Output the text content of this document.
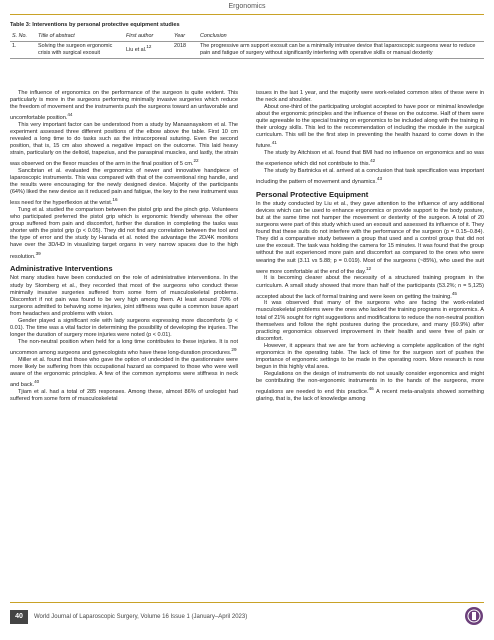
Ergonomics
Table 3: Interventions by personal protective equipment studies
S. No.	Title of abstract	First author	Year	Conclusion
1.	Solving the surgeon ergonomic crisis with surgical exosuit	Liu et al.$^{12}$	2018	The progressive arm support exosuit can be a minimally intrusive device that laparoscopic surgeons wear to reduce pain and fatigue of surgery without significantly interfering with operative skills or manual dexterity

The influence of ergonomics on the performance of the surgeon is quite evident. This particularly is more in the surgeons performing minimally invasive surgeries which reduce the freedom of movement and the instruments push the surgeons toward an unfavorable and uncomfortable position.$^{44}$

This very important factor can be understood from a study by Manasnayakorn et al. The experiment assessed three different positions of the elbow above the table. First 10 cm revealed a long time to do tasks such as the intracorporeal suturing. Even the second position, that is, 15 cm also showed a negative impact on the outcome. This laid heavy strain, particularly on the deltoid, trapezius, and the paraspinal muscles, and lastly, the strain was observed on the flexor muscles of the arm in the final position of 5 cm.$^{22}$

Sancibrian et al. evaluated the ergonomics of newer and innovative handpiece of laparoscopic instruments. This was compared with that of the conventional ring handle, and the results were encouraging for the newly designed device. Majority of the participants (64%) liked the new device as it reduced pain and fatigue, the key to the new instrument was less need for the hyperflexion at the wrist.$^{16}$

Tung et al. studied the comparison between the pistol grip and the pinch grip. Volunteers who participated preferred the pistol grip which is ergonomic friendly whereas the other group suffered from pain and discomfort, further the duration in completing the tasks was shorter with the pistol grip (p < 0.05). They did not find any correlation between the tool and the type of error and the study by Harada et al. noted the advantage the 2D/4K monitors have over the 3D/HD in visualizing target organs in very narrow spaces due to the high resolution.$^{39}$

Administrative Interventions

Not many studies have been conducted on the role of administrative interventions. In the study by Stomberg et al., they recorded that most of the surgeons who conduct these minimally invasive surgeries suffered from some form of musculoskeletal problems. Discomfort if not pain was found to be very high among them. At least around 70% of surgeons admitted to behaving some injuries, joint stiffness was quite a common issue apart from headaches and problems with vision.

Gender played a significant role with lady surgeons expressing more discomforts (p < 0.01). The time was a vital factor in determining the possibility of developing the injuries. The longer the duration of surgery more injuries were noted (p < 0.01).

The non-neutral position when held for a long time contributes to these injuries. It is not uncommon among surgeons and gynecologists who have these long-duration procedures.$^{29}$

Miller et al. found that those who gave the option of undecided in the questionnaire were more likely be suffering from this occupational hazard as compared to those who were well aware of the ergonomic principles. A few of the common symptoms were stiffness in neck and back.$^{40}$

Tjiam et al. had a total of 285 responses. Among these, almost 86% of urologist had suffered from some form of musculoskeletal

issues in the last 1 year, and the majority were work-related common sites of these were in the neck and shoulder.

About one-third of the participating urologist accepted to have poor or minimal knowledge about the ergonomic principles and the influence of these on the outcome. Half of them were quite agreeable to the special training on ergonomics to be included along with the training in their urology skills. This led to the recommendation of including the module in the surgical curriculum. This will be the first step in preventing the health hazard to come down in the future.$^{41}$

The study by Aitchison et al. found that BMI had no influence on ergonomics and so was the experience which did not contribute to this.$^{42}$

The study by Bartnicka et al. arrived at a conclusion that task specification was important including the pattern of movement and dynamics.$^{43}$

Personal Protective Equipment

In the study conducted by Liu et al., they gave attention to the influence of any additional devices which can be used to enhance ergonomics or provide support to the body posture, but at the same time not hamper the movement or dexterity of the surgeon. A total of 20 surgeons were part of this study which used an exosuit and assessed its influence of it. They found that these suits do not interfere with the performance of the surgeon (p = 0.15–0.84). They did a comparative study between a group that used and a control group that did not use the exosuit. The task was holding the camera for 15 minutes. It was found that the group without the suit experienced more pain and discomfort as compared to the ones who were wearing the suit (3.11 vs 5.88; p = 0.019). Most of the surgeons (~85%), who used the suit were more comfortable at the end of the day.$^{12}$

It is becoming clearer about the necessity of a structured training program in the curriculum. A small study showed that more than half of the participants (53.2%; n = 5,125) accepted about the lack of formal training and were keen on getting the training.$^{45}$

It was observed that many of the surgeons who are facing the work-related musculoskeletal problems were the ones who lacked the training programs in ergonomics. A total of 21% sought for right suggestions and modifications to reduce the non-neutral position themselves and follow the right postures during the procedure, and many (69.9%) after practicing ergonomics observed improvement in their health and were free of pain or discomfort.

However, it appears that we are far from achieving a complete application of the right ergonomics in the operating table. The lack of time for the surgeon sort of pushes the importance of ergonomic settings to be made in the operating room. More research is now begun in this highly vital area.

Regulations on the design of instruments do not usually consider ergonomics and might be contributing the non-ergonomic instruments in to the hands of the surgeons, more regulations are needed to end this practice.$^{46}$ A recent meta-analysis showed something glaring, that is, the lack of knowledge among

40	World Journal of Laparoscopic Surgery, Volume 16 Issue 1 (January–April 2023)
